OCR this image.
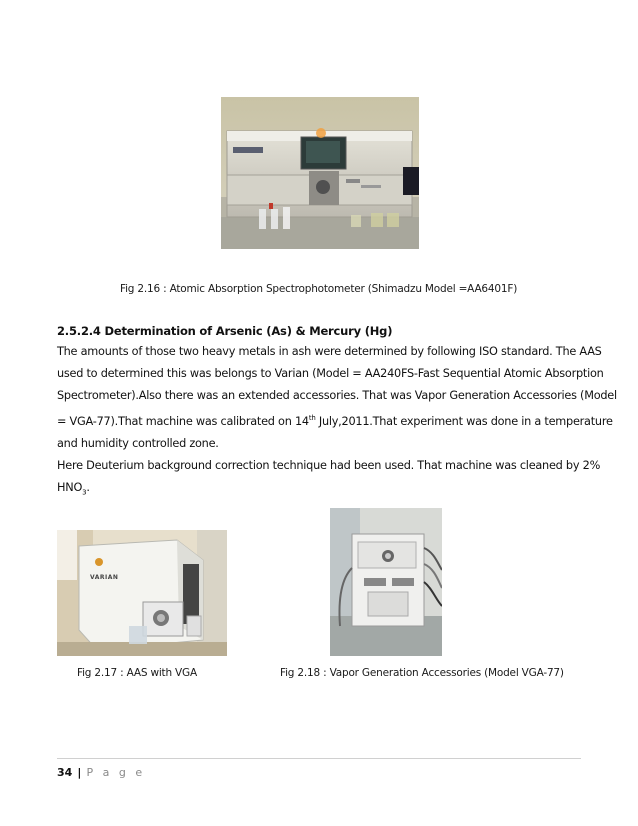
Fig 2.16 : Atomic Absorption Spectrophotometer (Shimadzu Model =AA6401F)
2.5.2.4 Determination of Arsenic (As) & Mercury (Hg)
The amounts of those two heavy metals in ash were determined by following ISO standard. The AAS
used to determined this was belongs to Varian (Model = AA240FS-Fast Sequential Atomic Absorption
Spectrometer).Also there was an extended accessories. That was Vapor Generation Accessories (Model
= VGA-77).That machine was calibrated on 14th July,2011.That experiment was done in a temperature
and humidity controlled zone.
Here Deuterium background correction technique had been used. That machine was cleaned by 2%
$HNO_3$.
VARIAN
Fig 2.17 : AAS with VGA	Fig 2.18 : Vapor Generation Accessories (Model VGA-77)
34 | P a g e
